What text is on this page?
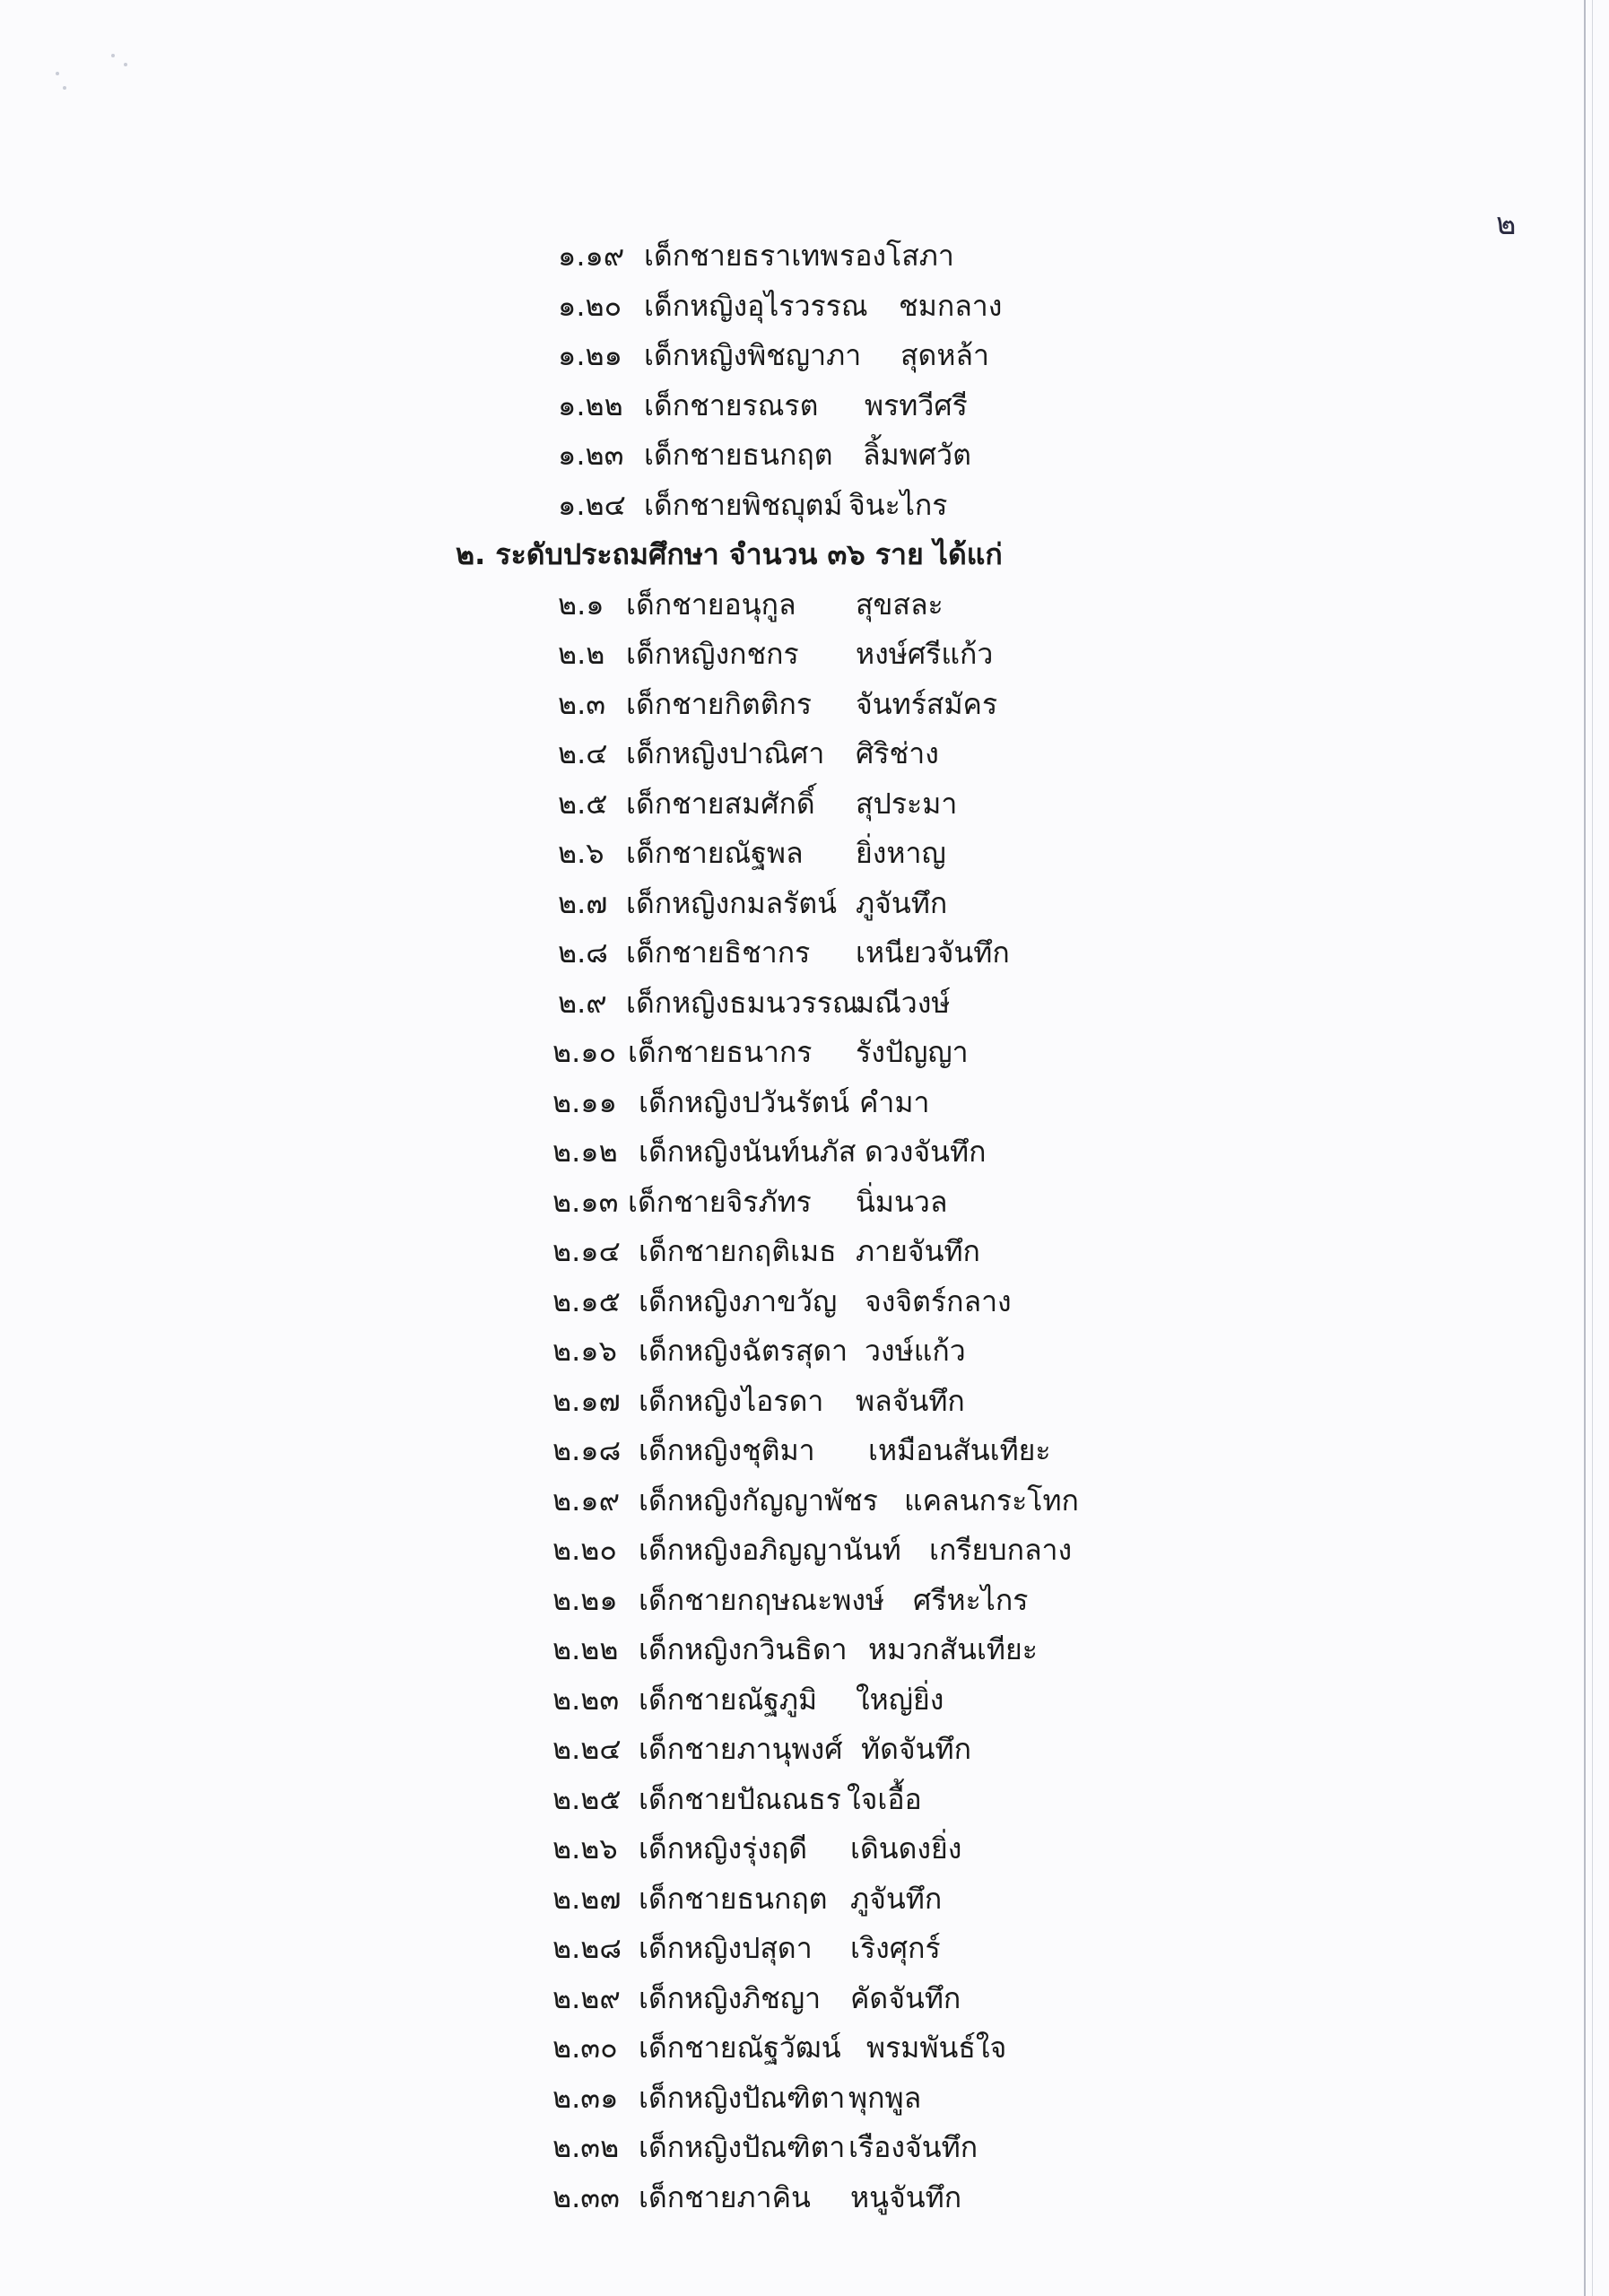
๒
๑.๑๙ เด็กชายธราเทพ รองโสภา
๑.๒๐ เด็กหญิงอุไรวรรณ ชมกลาง
๑.๒๑ เด็กหญิงพิชญาภา สุดหล้า
๑.๒๒ เด็กชายรณรต พรทวีศรี
๑.๒๓ เด็กชายธนกฤต ลิ้มพศวัต
๑.๒๔ เด็กชายพิชญุตม์ จินะไกร
๒. ระดับประถมศึกษา จำนวน ๓๖ ราย ได้แก่
๒.๑ เด็กชายอนุกูล สุขสละ
๒.๒ เด็กหญิงกชกร หงษ์ศรีแก้ว
๒.๓ เด็กชายกิตติกร จันทร์สมัคร
๒.๔ เด็กหญิงปาณิศา ศิริช่าง
๒.๕ เด็กชายสมศักดิ์ สุประมา
๒.๖ เด็กชายณัฐพล ยิ่งหาญ
๒.๗ เด็กหญิงกมลรัตน์ ภูจันทึก
๒.๘ เด็กชายธิชากร เหนียวจันทึก
๒.๙ เด็กหญิงธมนวรรณ
มณีวงษ์
๒.๑๐ เด็กชายธนากร รังปัญญา
๒.๑๑ เด็กหญิงปวันรัตน์ คำมา
๒.๑๒ เด็กหญิงนันท์นภัส ดวงจันทึก
๒.๑๓ เด็กชายจิรภัทร นิ่มนวล
๒.๑๔ เด็กชายกฤติเมธ ภายจันทึก
๒.๑๕ เด็กหญิงภาขวัญ จงจิตร์กลาง
๒.๑๖ เด็กหญิงฉัตรสุดา วงษ์แก้ว
๒.๑๗ เด็กหญิงไอรดา พลจันทึก
๒.๑๘ เด็กหญิงชุติมา เหมือนสันเทียะ
๒.๑๙ เด็กหญิงกัญญาพัชร แคลนกระโทก
๒.๒๐ เด็กหญิงอภิญญานันท์ เกรียบกลาง
๒.๒๑ เด็กชายกฤษณะพงษ์ ศรีหะไกร
๒.๒๒ เด็กหญิงกวินธิดา หมวกสันเทียะ
๒.๒๓ เด็กชายณัฐภูมิ ใหญ่ยิ่ง
๒.๒๔ เด็กชายภานุพงศ์ ทัดจันทึก
๒.๒๕ เด็กชายปัณณธร ใจเอื้อ
๒.๒๖ เด็กหญิงรุ่งฤดี เดินดงยิ่ง
๒.๒๗ เด็กชายธนกฤต ภูจันทึก
๒.๒๘ เด็กหญิงปสุดา เริงศุกร์
๒.๒๙ เด็กหญิงภิชญา คัดจันทึก
๒.๓๐ เด็กชายณัฐวัฒน์ พรมพันธ์ใจ
๒.๓๑ เด็กหญิงปัณฑิตา พุกพูล
๒.๓๒ เด็กหญิงปัณฑิตา เรืองจันทึก
๒.๓๓ เด็กชายภาคิน หนูจันทึก
